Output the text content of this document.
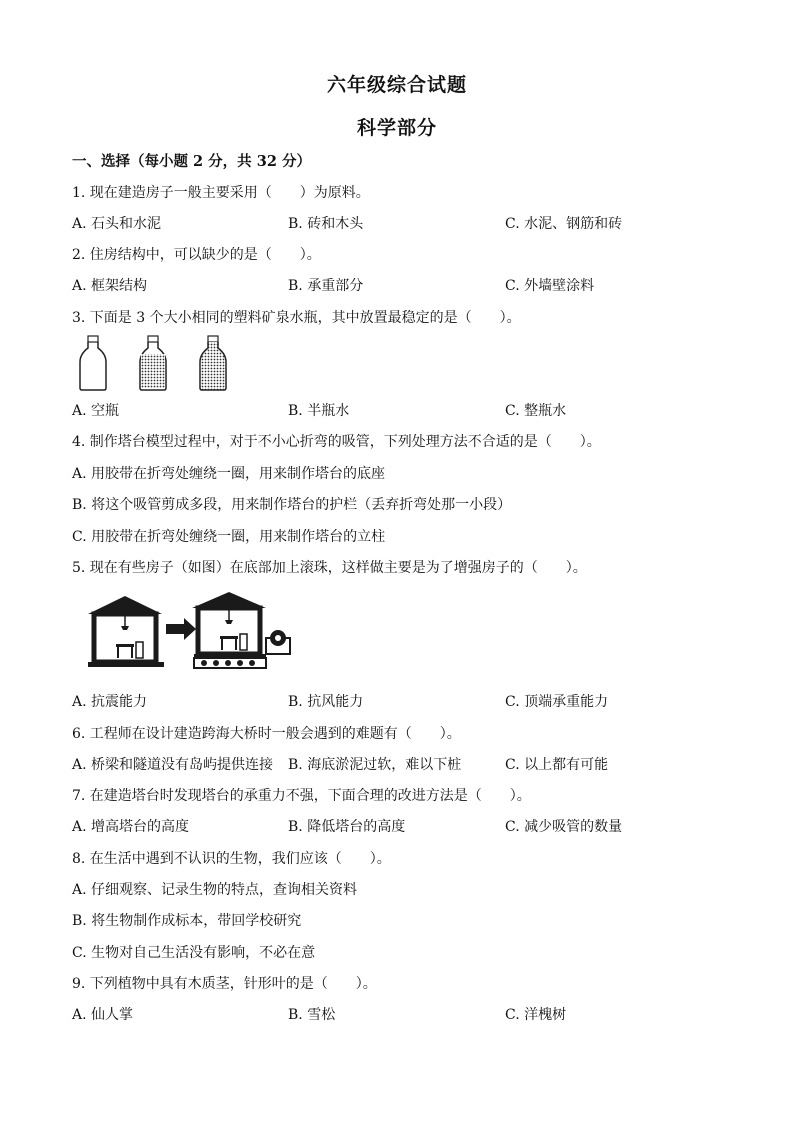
六年级综合试题
科学部分
一、选择（每小题 2 分，共 32 分）
1. 现在建造房子一般主要采用（　　）为原料。
A. 石头和水泥	B. 砖和木头	C. 水泥、钢筋和砖
2. 住房结构中，可以缺少的是（　　）。
A. 框架结构	B. 承重部分	C. 外墙壁涂料
3. 下面是 3 个大小相同的塑料矿泉水瓶，其中放置最稳定的是（　　）。
A. 空瓶	B. 半瓶水	C. 整瓶水
4. 制作塔台模型过程中，对于不小心折弯的吸管，下列处理方法不合适的是（　　）。
A. 用胶带在折弯处缠绕一圈，用来制作塔台的底座
B. 将这个吸管剪成多段，用来制作塔台的护栏（丢弃折弯处那一小段）
C. 用胶带在折弯处缠绕一圈，用来制作塔台的立柱
5. 现在有些房子（如图）在底部加上滚珠，这样做主要是为了增强房子的（　　）。
A. 抗震能力	B. 抗风能力	C. 顶端承重能力
6. 工程师在设计建造跨海大桥时一般会遇到的难题有（　　）。
A. 桥梁和隧道没有岛屿提供连接 B. 海底淤泥过软，难以下桩	C. 以上都有可能
7. 在建造塔台时发现塔台的承重力不强，下面合理的改进方法是（　　）。
A. 增高塔台的高度	B. 降低塔台的高度	C. 减少吸管的数量
8. 在生活中遇到不认识的生物，我们应该（　　）。
A. 仔细观察、记录生物的特点，查询相关资料
B. 将生物制作成标本，带回学校研究
C. 生物对自己生活没有影响，不必在意
9. 下列植物中具有木质茎，针形叶的是（　　）。
A. 仙人掌	B. 雪松	C. 洋槐树
